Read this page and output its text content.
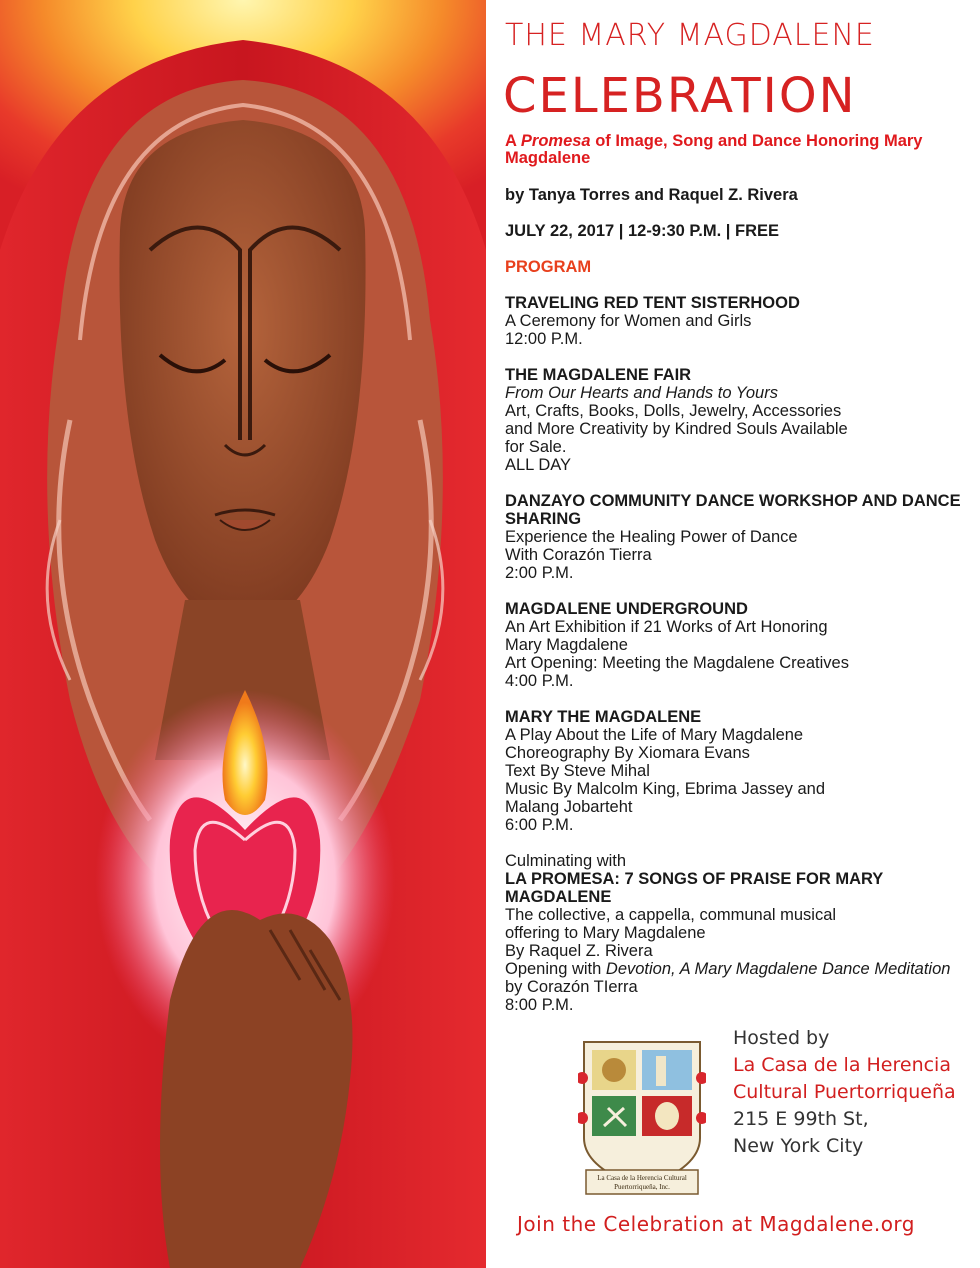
THE MARY MAGDALENE
CELEBRATION
A Promesa of Image, Song and Dance Honoring Mary Magdalene
by Tanya Torres and Raquel Z. Rivera
JULY 22, 2017 | 12-9:30 P.M. | FREE
PROGRAM
TRAVELING RED TENT SISTERHOOD
A Ceremony for Women and Girls
12:00 P.M.
THE MAGDALENE FAIR
From Our Hearts and Hands to Yours
Art, Crafts, Books, Dolls, Jewelry, Accessories
and More Creativity by Kindred Souls Available
for Sale.
ALL DAY
DANZAYO COMMUNITY DANCE WORKSHOP AND DANCE SHARING
Experience the Healing Power of Dance
With Corazón Tierra
2:00 P.M.
MAGDALENE UNDERGROUND
An Art Exhibition if 21 Works of Art Honoring
Mary Magdalene
Art Opening: Meeting the Magdalene Creatives
4:00 P.M.
MARY THE MAGDALENE
A Play About the Life of Mary Magdalene
Choreography By Xiomara Evans
Text By Steve Mihal
Music By Malcolm King, Ebrima Jassey and
Malang Jobarteht
6:00 P.M.
Culminating with
LA PROMESA: 7 SONGS OF PRAISE FOR MARY MAGDALENE
The collective, a cappella, communal musical
offering to Mary Magdalene
By Raquel Z. Rivera
Opening with Devotion, A Mary Magdalene Dance Meditation
by Corazón TIerra
8:00 P.M.
La Casa de la Herencia Cultural
Puertorriqueña, Inc.
Hosted by
La Casa de la Herencia
Cultural Puertorriqueña
215 E 99th St,
New York City
Join the Celebration at Magdalene.org
